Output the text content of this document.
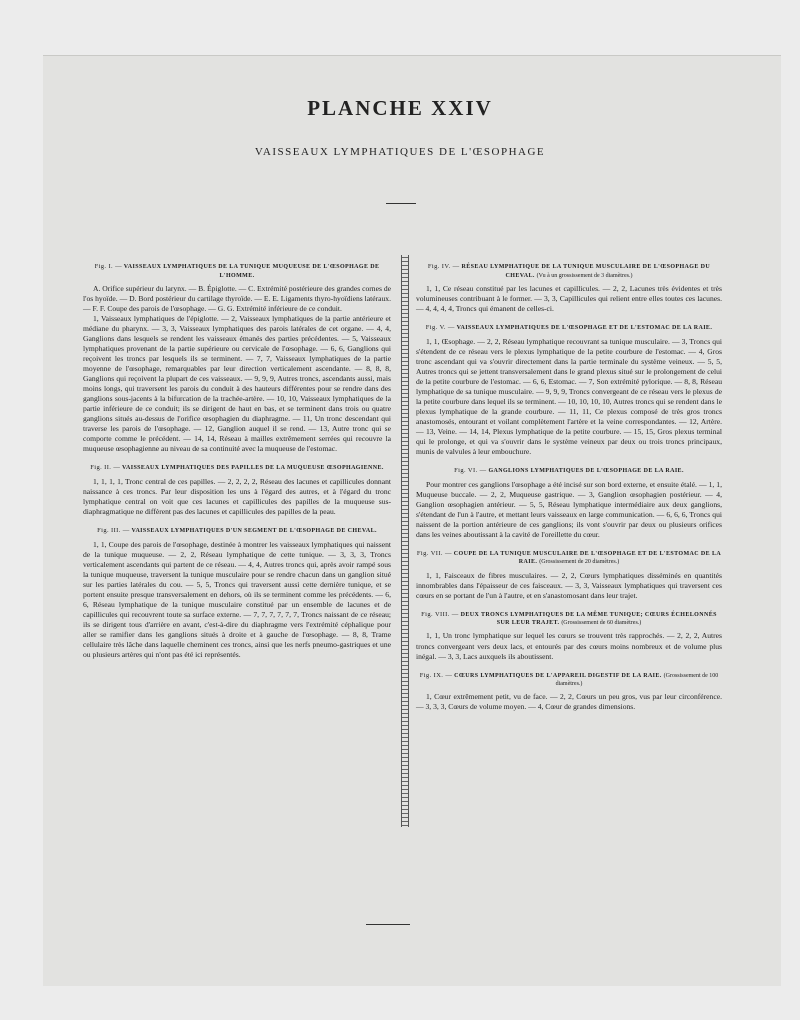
PLANCHE XXIV
VAISSEAUX LYMPHATIQUES DE L'ŒSOPHAGE
Fig. I. — VAISSEAUX LYMPHATIQUES DE LA TUNIQUE MUQUEUSE DE L'ŒSOPHAGE DE L'HOMME.

A. Orifice supérieur du larynx. — B. Épiglotte. — C. Extrémité postérieure des grandes cornes de l'os hyoïde. — D. Bord postérieur du cartilage thyroïde. — E. E. Ligaments thyro-hyoïdiens latéraux. — F. F. Coupe des parois de l'œsophage. — G. G. Extrémité inférieure de ce conduit.

1, Vaisseaux lymphatiques de l'épiglotte. — 2, Vaisseaux lymphatiques de la partie antérieure et médiane du pharynx. — 3, 3, Vaisseaux lymphatiques des parois latérales de cet organe. — 4, 4, Ganglions dans lesquels se rendent les vaisseaux émanés des parties précédentes. — 5, Vaisseaux lymphatiques provenant de la partie supérieure ou cervicale de l'œsophage. — 6, 6, Ganglions qui reçoivent les troncs par lesquels ils se terminent. — 7, 7, Vaisseaux lymphatiques de la partie moyenne de l'œsophage, remarquables par leur direction verticalement ascendante. — 8, 8, 8, Ganglions qui reçoivent la plupart de ces vaisseaux. — 9, 9, 9, Autres troncs, ascendants aussi, mais moins longs, qui traversent les parois du conduit à des hauteurs différentes pour se rendre dans des ganglions sous-jacents à la bifurcation de la trachée-artère. — 10, 10, Vaisseaux lymphatiques de la partie inférieure de ce conduit; ils se dirigent de haut en bas, et se terminent dans trois ou quatre ganglions situés au-dessus de l'orifice œsophagien du diaphragme. — 11, Un tronc descendant qui traverse les parois de l'œsophage. — 12, Ganglion auquel il se rend. — 13, Autre tronc qui se comporte comme le précédent. — 14, 14, Réseau à mailles extrêmement serrées qui recouvre la muqueuse œsophagienne au niveau de sa continuité avec la muqueuse de l'estomac.

Fig. II. — VAISSEAUX LYMPHATIQUES DES PAPILLES DE LA MUQUEUSE ŒSOPHAGIENNE.

1, 1, 1, 1, Tronc central de ces papilles. — 2, 2, 2, 2, Réseau des lacunes et capillicules donnant naissance à ces troncs. Par leur disposition les uns à l'égard des autres, et à l'égard du tronc lymphatique central on voit que ces lacunes et capillicules des papilles de la muqueuse sus-diaphragmatique ne diffèrent pas des lacunes et capillicules des papilles de la peau.

Fig. III. — VAISSEAUX LYMPHATIQUES D'UN SEGMENT DE L'ŒSOPHAGE DE CHEVAL.

1, 1, Coupe des parois de l'œsophage, destinée à montrer les vaisseaux lymphatiques qui naissent de la tunique muqueuse. — 2, 2, Réseau lymphatique de cette tunique. — 3, 3, 3, Troncs verticalement ascendants qui partent de ce réseau. — 4, 4, Autres troncs qui, après avoir rampé sous la tunique muqueuse, traversent la tunique musculaire pour se rendre chacun dans un ganglion situé sur les parties latérales du cou. — 5, 5, Troncs qui traversent aussi cette dernière tunique, et se portent ensuite presque transversalement en dehors, où ils se terminent comme les précédents. — 6, 6, Réseau lymphatique de la tunique musculaire constitué par un ensemble de lacunes et de capillicules qui recouvrent toute sa surface externe. — 7, 7, 7, 7, 7, 7, Troncs naissant de ce réseau; ils se dirigent tous d'arrière en avant, c'est-à-dire du diaphragme vers l'extrémité céphalique pour aller se ramifier dans les ganglions situés à droite et à gauche de l'œsophage. — 8, 8, Trame cellulaire très lâche dans laquelle cheminent ces troncs, ainsi que les nerfs pneumo-gastriques et une ou plusieurs artères qui n'ont pas été ici représentés.

Fig. IV. — RÉSEAU LYMPHATIQUE DE LA TUNIQUE MUSCULAIRE DE L'ŒSOPHAGE DU CHEVAL. (Vu à un grossissement de 3 diamètres.)

1, 1, Ce réseau constitué par les lacunes et capillicules. — 2, 2, Lacunes très évidentes et très volumineuses contribuant à le former. — 3, 3, Capillicules qui relient entre elles toutes ces lacunes. — 4, 4, 4, 4, Troncs qui émanent de celles-ci.

Fig. V. — VAISSEAUX LYMPHATIQUES DE L'ŒSOPHAGE ET DE L'ESTOMAC DE LA RAIE.

1, 1, Œsophage. — 2, 2, Réseau lymphatique recouvrant sa tunique musculaire. — 3, Troncs qui s'étendent de ce réseau vers le plexus lymphatique de la petite courbure de l'estomac. — 4, Gros tronc ascendant qui va s'ouvrir directement dans la partie terminale du système veineux. — 5, 5, Autres troncs qui se jettent transversalement dans le grand plexus situé sur le prolongement de celui de la petite courbure de l'estomac. — 6, 6, Estomac. — 7, Son extrémité pylorique. — 8, 8, Réseau lymphatique de sa tunique musculaire. — 9, 9, 9, Troncs convergeant de ce réseau vers le plexus de la petite courbure dans lequel ils se terminent. — 10, 10, 10, 10, Autres troncs qui se rendent dans le plexus lymphatique de la grande courbure. — 11, 11, Ce plexus composé de très gros troncs anastomosés, entourant et voilant complètement l'artère et la veine correspondantes. — 12, Artère. — 13, Veine. — 14, 14, Plexus lymphatique de la petite courbure. — 15, 15, Gros plexus terminal qui le prolonge, et qui va s'ouvrir dans le système veineux par deux ou trois troncs principaux, munis de valvules à leur embouchure.

Fig. VI. — GANGLIONS LYMPHATIQUES DE L'ŒSOPHAGE DE LA RAIE.

Pour montrer ces ganglions l'œsophage a été incisé sur son bord externe, et ensuite étalé. — 1, 1, Muqueuse buccale. — 2, 2, Muqueuse gastrique. — 3, Ganglion œsophagien postérieur. — 4, Ganglion œsophagien antérieur. — 5, 5, Réseau lymphatique intermédiaire aux deux ganglions, s'étendant de l'un à l'autre, et mettant leurs vaisseaux en large communication. — 6, 6, 6, Troncs qui naissent de la portion antérieure de ces ganglions; ils vont s'ouvrir par deux ou plusieurs orifices dans les veines aboutissant à la cavité de l'oreillette du cœur.

Fig. VII. — COUPE DE LA TUNIQUE MUSCULAIRE DE L'ŒSOPHAGE ET DE L'ESTOMAC DE LA RAIE. (Grossissement de 20 diamètres.)

1, 1, Faisceaux de fibres musculaires. — 2, 2, Cœurs lymphatiques disséminés en quantités innombrables dans l'épaisseur de ces faisceaux. — 3, 3, Vaisseaux lymphatiques qui traversent ces cœurs en se portant de l'un à l'autre, et en s'anastomosant dans leur trajet.

Fig. VIII. — DEUX TRONCS LYMPHATIQUES DE LA MÊME TUNIQUE; CŒURS ÉCHELONNÉS SUR LEUR TRAJET. (Grossissement de 60 diamètres.)

1, 1, Un tronc lymphatique sur lequel les cœurs se trouvent très rapprochés. — 2, 2, 2, Autres troncs convergeant vers deux lacs, et entourés par des cœurs moins nombreux et de volume plus inégal. — 3, 3, Lacs auxquels ils aboutissent.

Fig. IX. — CŒURS LYMPHATIQUES DE L'APPAREIL DIGESTIF DE LA RAIE. (Grossissement de 100 diamètres.)

1, Cœur extrêmement petit, vu de face. — 2, 2, Cœurs un peu gros, vus par leur circonférence. — 3, 3, 3, Cœurs de volume moyen. — 4, Cœur de grandes dimensions.
